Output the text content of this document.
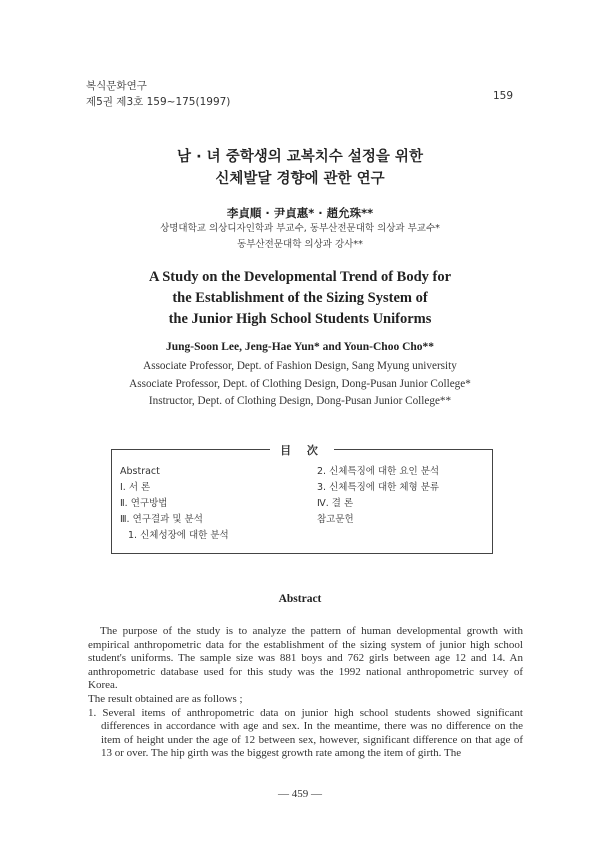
복식문화연구
제5권 제3호 159~175(1997)	159
남 · 녀 중학생의 교복치수 설정을 위한
신체발달 경향에 관한 연구
李貞順 · 尹貞惠* · 趙允珠**
상명대학교 의상디자인학과 부교수, 동부산전문대학 의상과 부교수*
동부산전문대학 의상과 강사**
A Study on the Developmental Trend of Body for
the Establishment of the Sizing System of
the Junior High School Students Uniforms
Jung-Soon Lee, Jeng-Hae Yun* and Youn-Choo Cho**
Associate Professor, Dept. of Fashion Design, Sang Myung university
Associate Professor, Dept. of Clothing Design, Dong-Pusan Junior College*
Instructor, Dept. of Clothing Design, Dong-Pusan Junior College**
目 次
Abstract
Ⅰ. 서 론
Ⅱ. 연구방법
Ⅲ. 연구결과 및 분석
1. 신체성장에 대한 분석
2. 신체특징에 대한 요인 분석
3. 신체특징에 대한 체형 분류
Ⅳ. 결 론
참고문헌
Abstract

The purpose of the study is to analyze the pattern of human developmental growth with empirical anthropometric data for the establishment of the sizing system of junior high school student's uniforms. The sample size was 881 boys and 762 girls between age 12 and 14. An anthropometric database used for this study was the 1992 national anthropometric survey of Korea.

The result obtained are as follows ;

1. Several items of anthropometric data on junior high school students showed significant differences in accordance with age and sex. In the meantime, there was no difference on the item of height under the age of 12 between sex, however, significant difference on that age of 13 or over. The hip girth was the biggest growth rate among the item of girth. The

— 459 —
